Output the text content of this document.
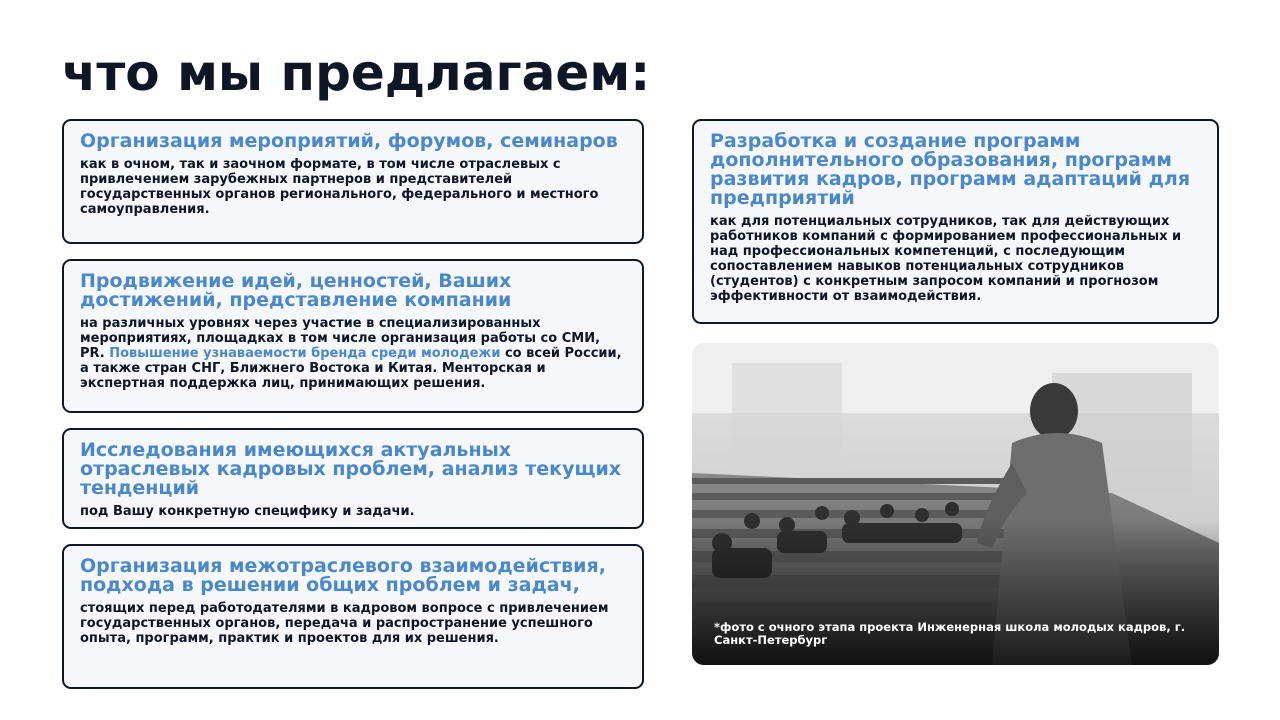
что мы предлагаем:
Организация мероприятий, форумов, семинаров

как в очном, так и заочном формате, в том числе отраслевых с привлечением зарубежных партнеров и представителей государственных органов регионального, федерального и местного самоуправления.

Продвижение идей, ценностей, Ваших достижений, представление компании

на различных уровнях через участие в специализированных мероприятиях, площадках в том числе организация работы со СМИ, PR. Повышение узнаваемости бренда среди молодежи со всей России, а также стран СНГ, Ближнего Востока и Китая. Менторская и экспертная поддержка лиц, принимающих решения.

Исследования имеющихся актуальных отраслевых кадровых проблем, анализ текущих тенденций

под Вашу конкретную специфику и задачи.

Организация межотраслевого взаимодействия, подхода в решении общих проблем и задач,

стоящих перед работодателями в кадровом вопросе с привлечением государственных органов, передача и распространение успешного опыта, программ, практик и проектов для их решения.

Разработка и создание программ дополнительного образования, программ развития кадров, программ адаптаций для предприятий

как для потенциальных сотрудников, так для действующих работников компаний с формированием профессиональных и над профессиональных компетенций, с последующим сопоставлением навыков потенциальных сотрудников (студентов) с конкретным запросом компаний и прогнозом эффективности от взаимодействия.

*фото с очного этапа проекта Инженерная школа молодых кадров, г. Санкт-Петербург
